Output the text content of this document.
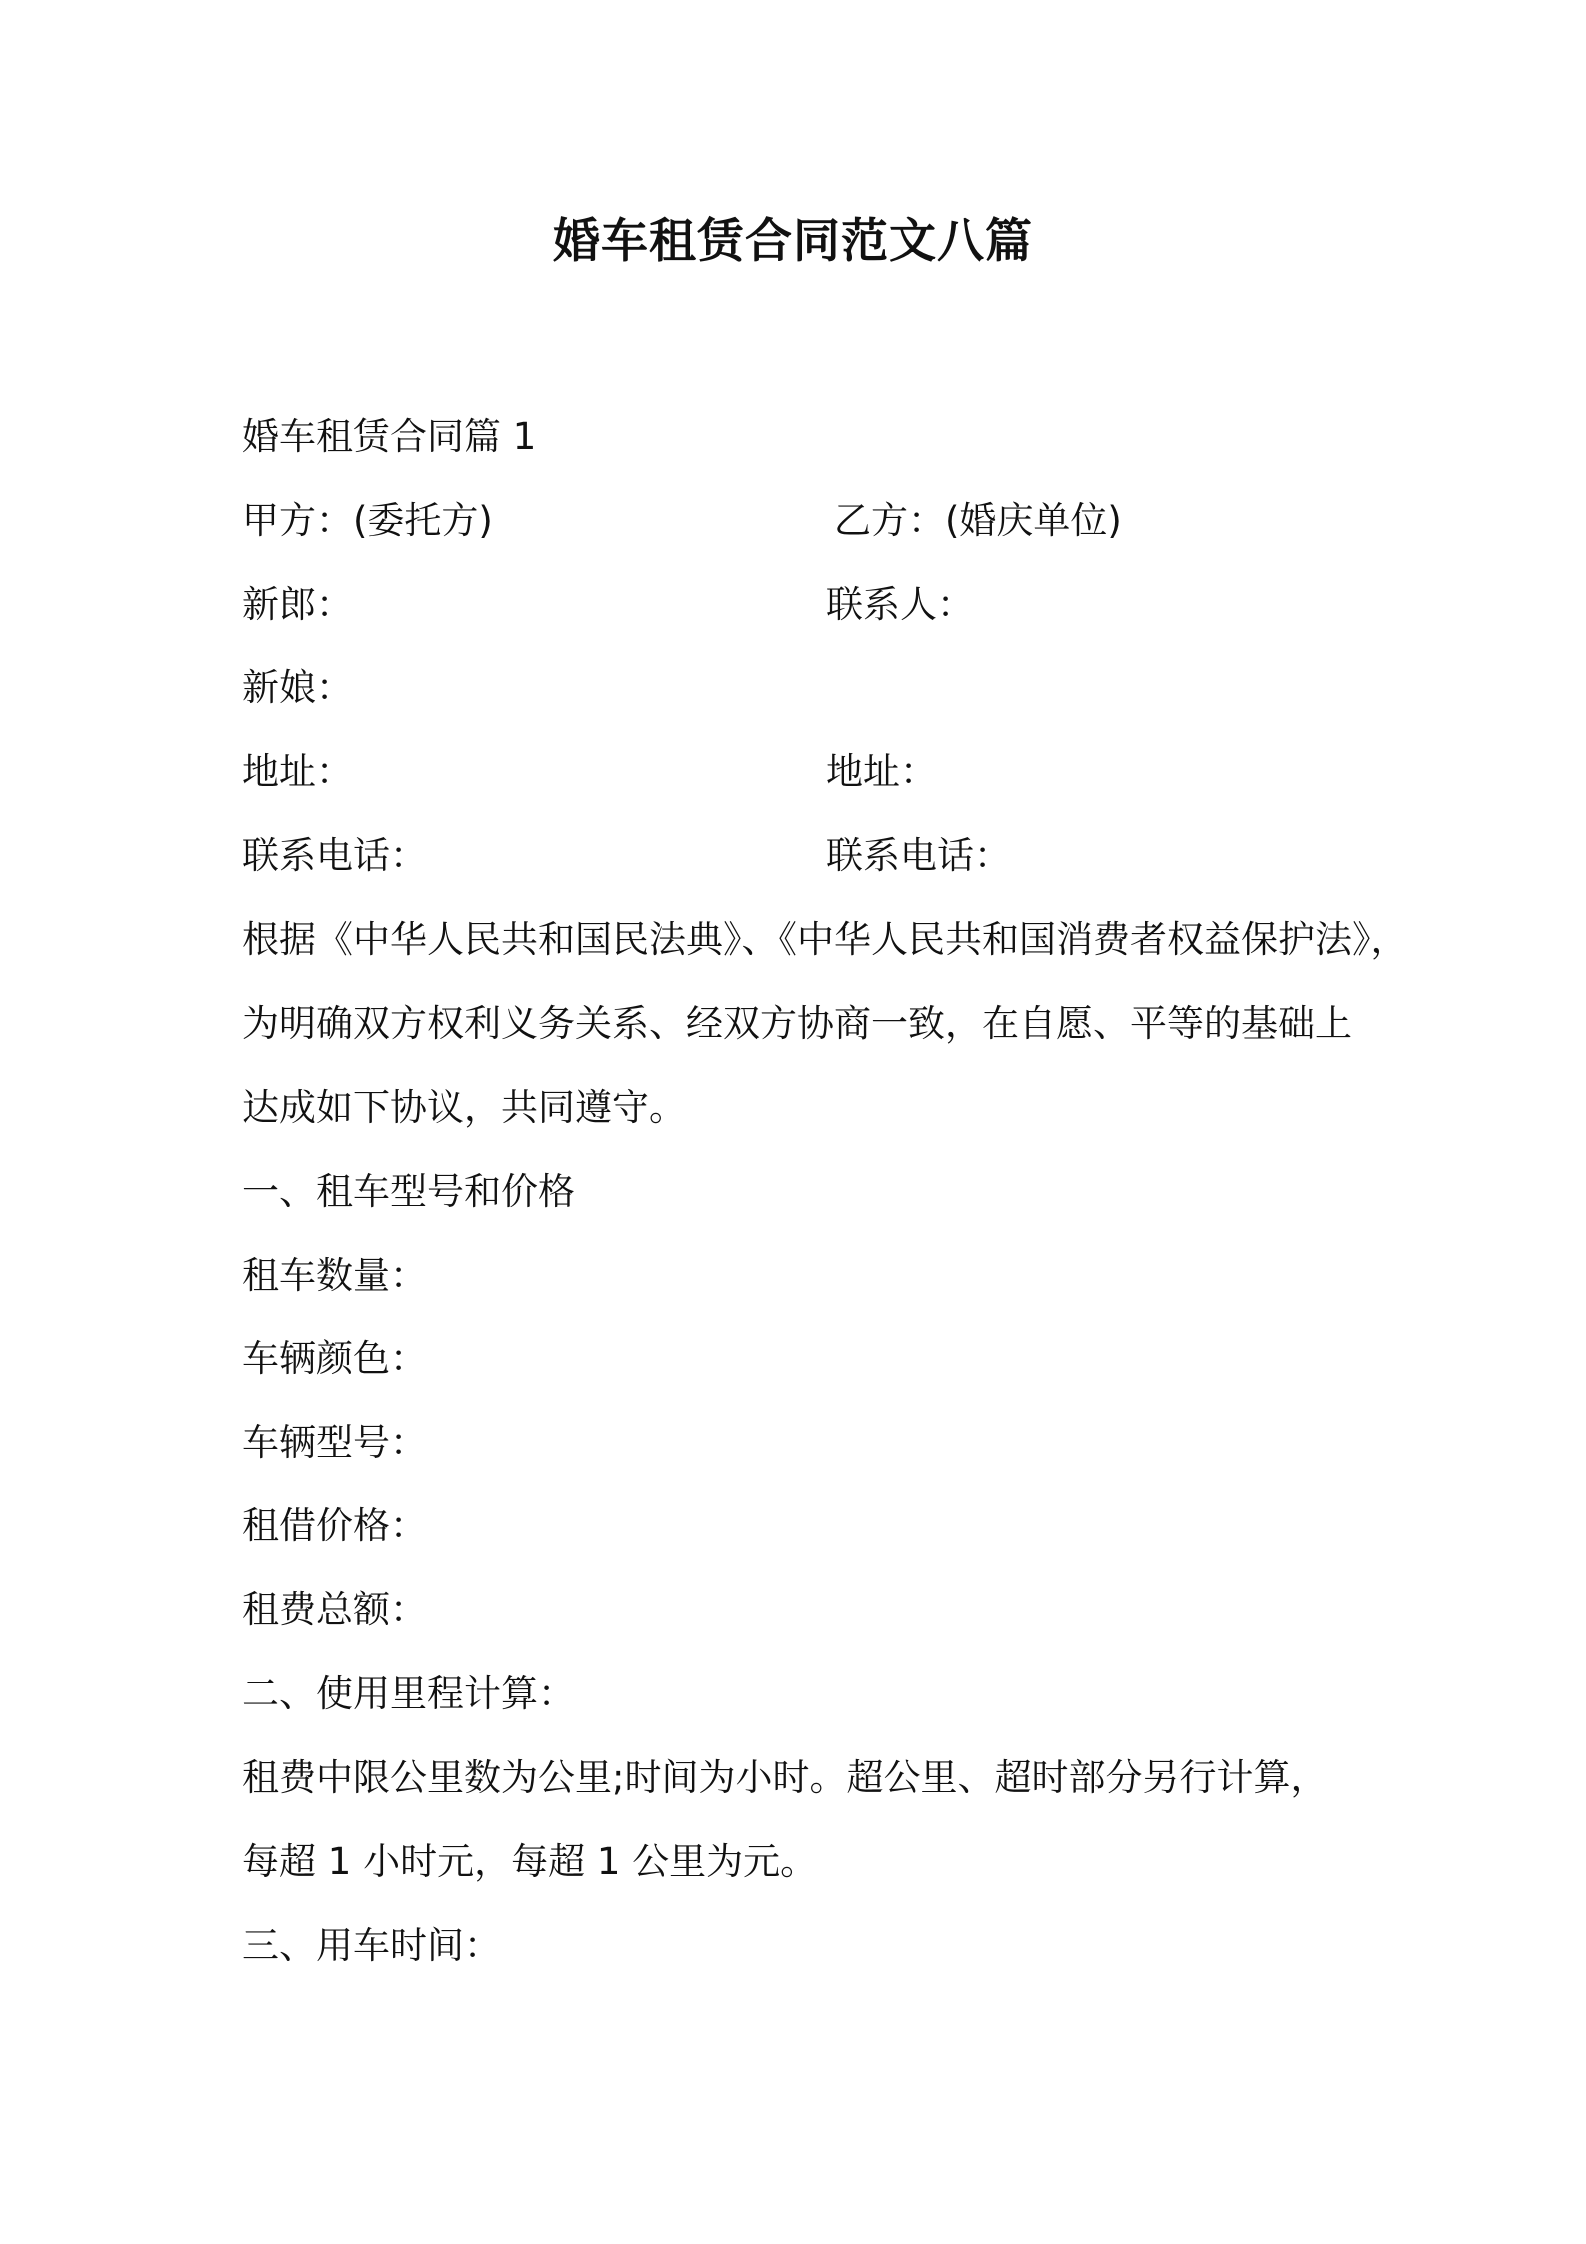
婚车租赁合同范文八篇
婚车租赁合同篇 1
甲方：(委托方)	乙方：(婚庆单位)
新郎：	联系人：
新娘：
地址：	地址：
联系电话：	联系电话：
根据《中华人民共和国民法典》、《中华人民共和国消费者权益保护法》，
为明确双方权利义务关系、经双方协商一致，在自愿、平等的基础上
达成如下协议，共同遵守。
一、租车型号和价格
租车数量：
车辆颜色：
车辆型号：
租借价格：
租费总额：
二、使用里程计算：
租费中限公里数为公里;时间为小时。超公里、超时部分另行计算，
每超 1 小时元，每超 1 公里为元。
三、用车时间：
